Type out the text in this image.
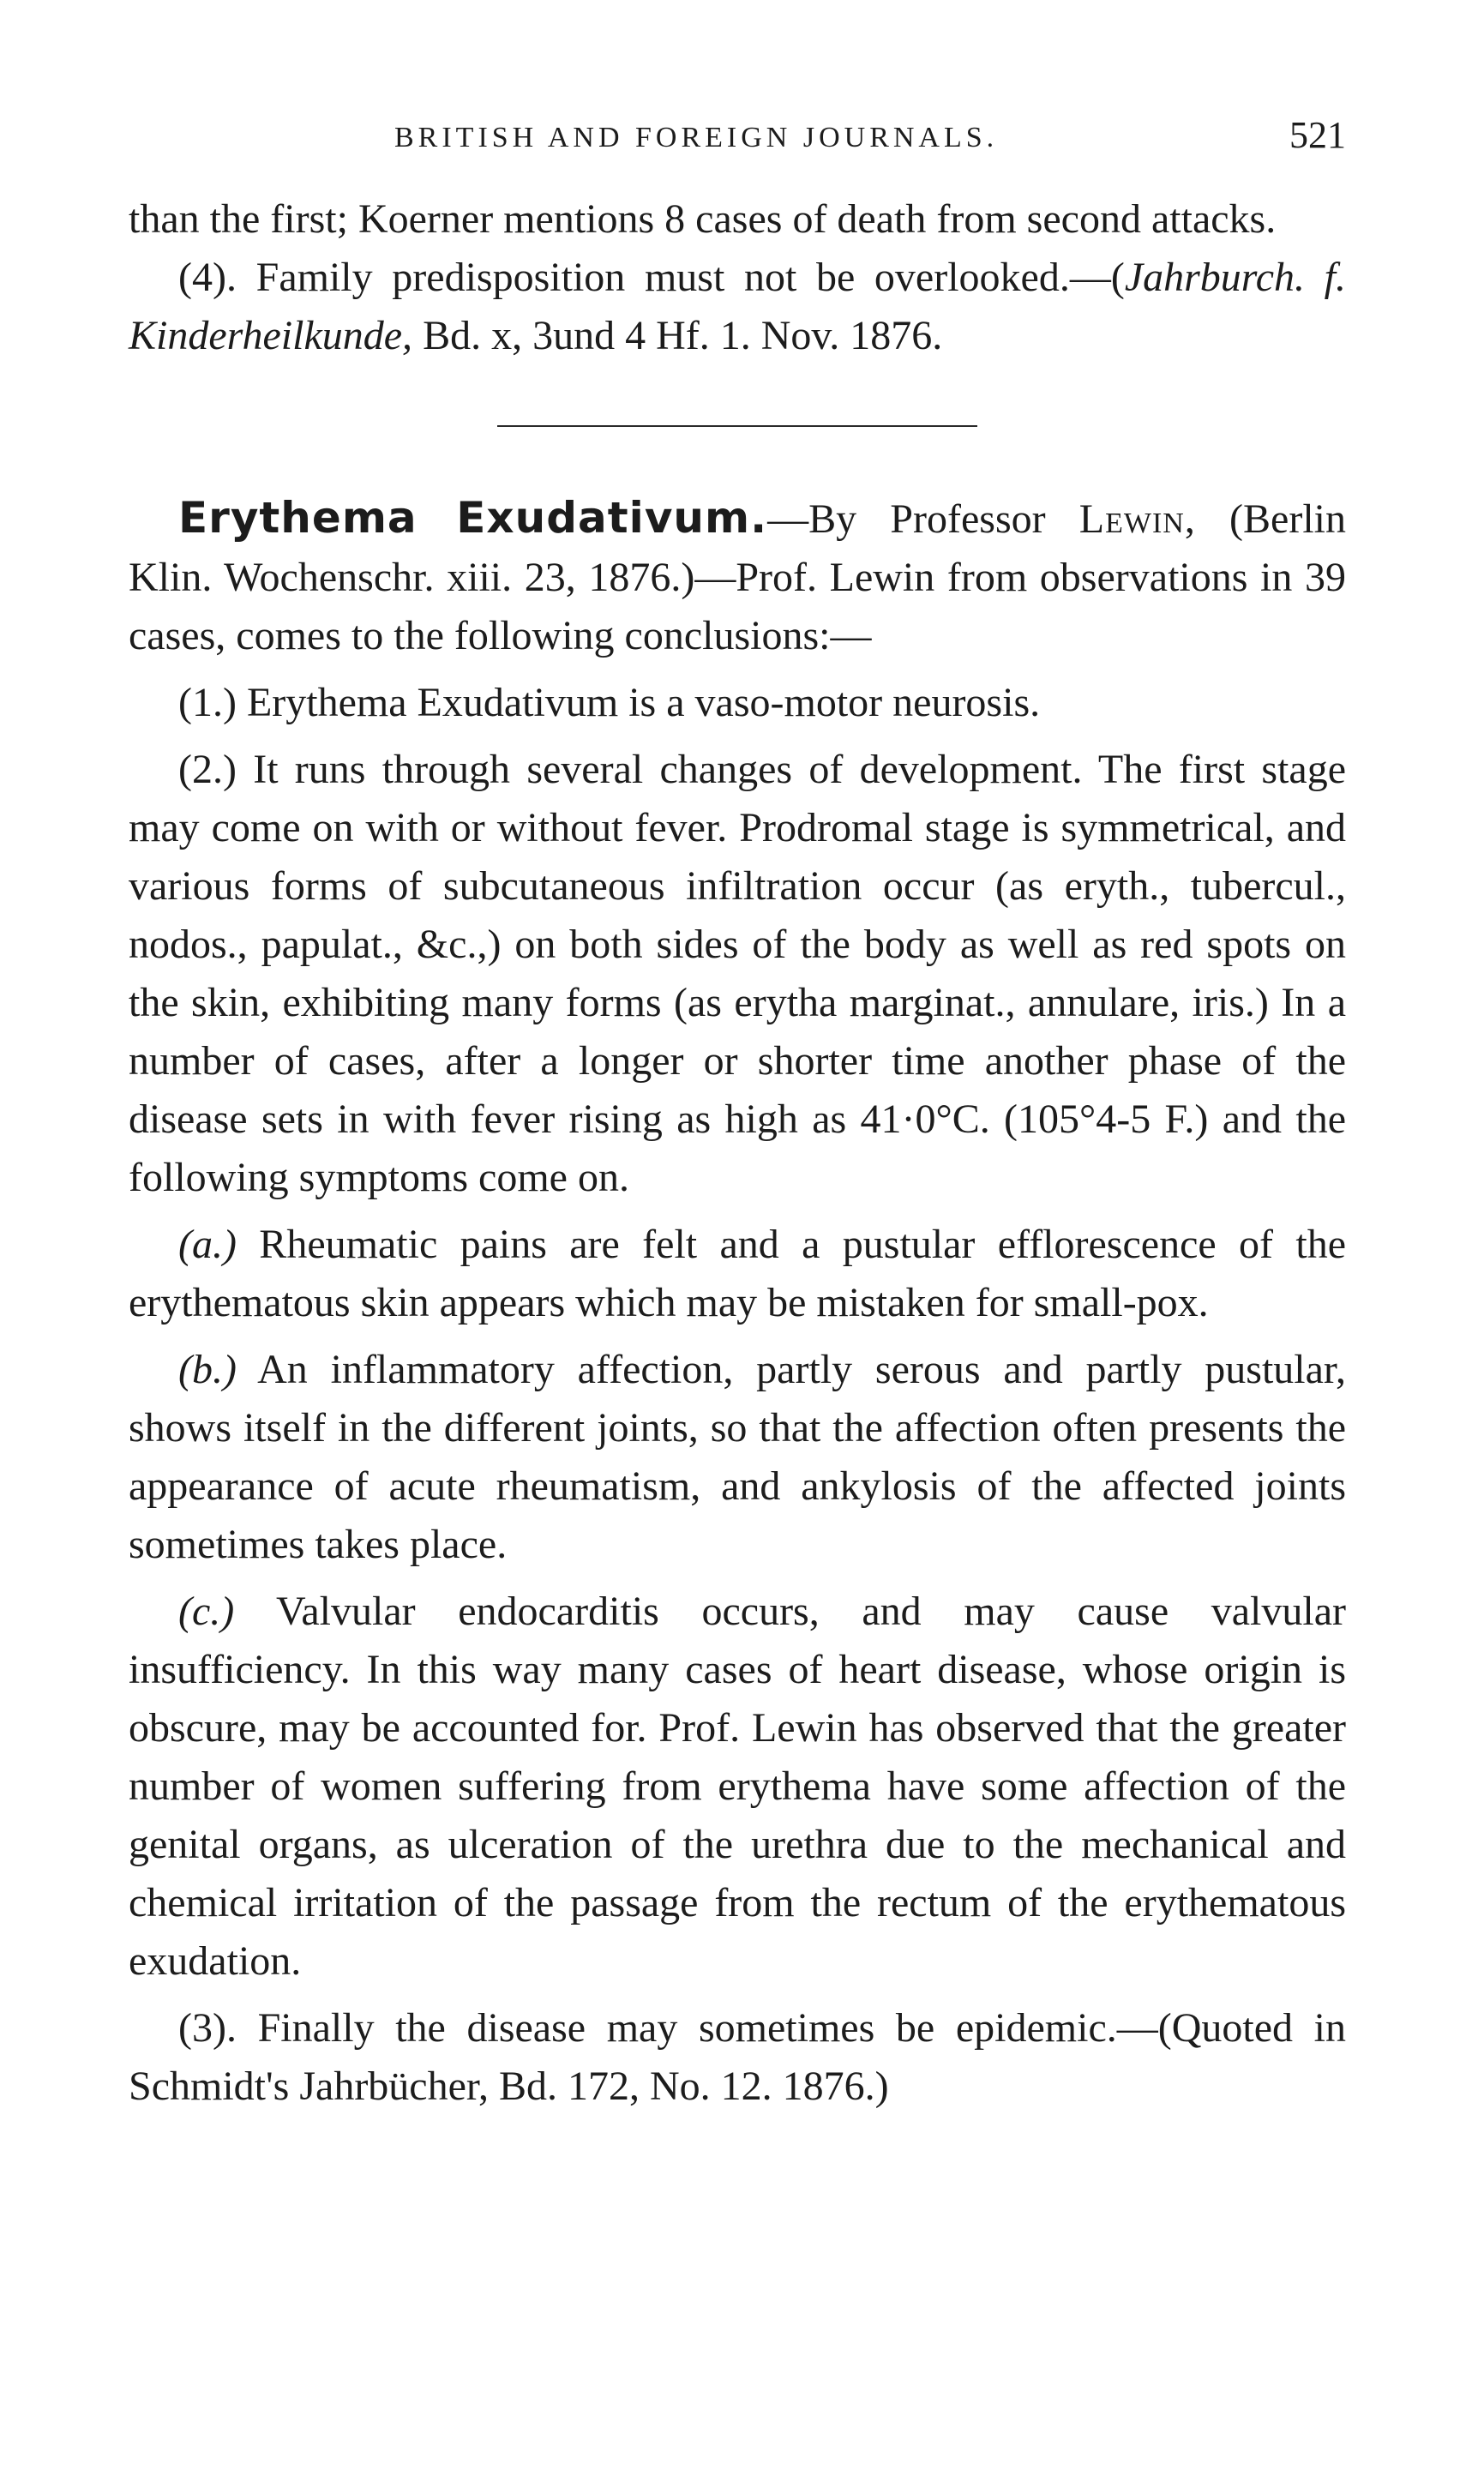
BRITISH AND FOREIGN JOURNALS.	521

than the first; Koerner mentions 8 cases of death from second attacks.

(4). Family predisposition must not be overlooked.—(Jahrburch. f. Kinderheilkunde, Bd. x, 3und 4 Hf. 1. Nov. 1876.

Erythema Exudativum.—By Professor Lewin, (Berlin Klin. Wochenschr. xiii. 23, 1876.)—Prof. Lewin from observations in 39 cases, comes to the following conclusions:—

(1.) Erythema Exudativum is a vaso-motor neurosis.

(2.) It runs through several changes of development. The first stage may come on with or without fever. Prodromal stage is symmetrical, and various forms of subcutaneous infiltration occur (as eryth., tubercul., nodos., papulat., &c.,) on both sides of the body as well as red spots on the skin, exhibiting many forms (as erytha marginat., annulare, iris.) In a number of cases, after a longer or shorter time another phase of the disease sets in with fever rising as high as 41·0°C. (105°4-5 F.) and the following symptoms come on.

(a.) Rheumatic pains are felt and a pustular efflorescence of the erythematous skin appears which may be mistaken for small-pox.

(b.) An inflammatory affection, partly serous and partly pustular, shows itself in the different joints, so that the affection often presents the appearance of acute rheumatism, and ankylosis of the affected joints sometimes takes place.

(c.) Valvular endocarditis occurs, and may cause valvular insufficiency. In this way many cases of heart disease, whose origin is obscure, may be accounted for. Prof. Lewin has observed that the greater number of women suffering from erythema have some affection of the genital organs, as ulceration of the urethra due to the mechanical and chemical irritation of the passage from the rectum of the erythematous exudation.

(3). Finally the disease may sometimes be epidemic.—(Quoted in Schmidt's Jahrbücher, Bd. 172, No. 12. 1876.)
